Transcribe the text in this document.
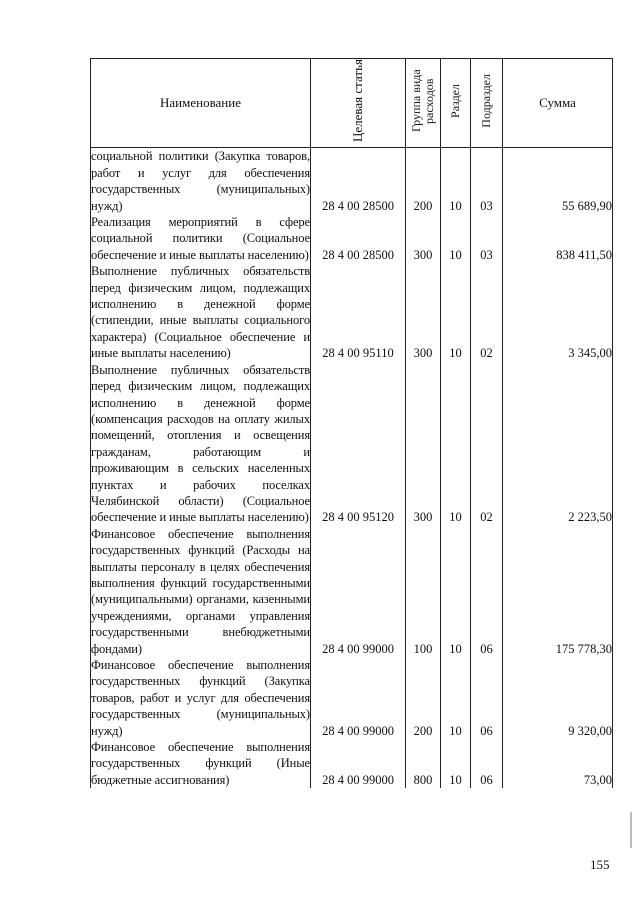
Наименование	Целевая статья	Группа вида расходов	Раздел	Подраздел	Сумма
социальной политики (Закупка товаров, работ и услуг для обеспечения государственных (муниципальных) нужд)	28 4 00 28500	200	10	03	55 689,90
Реализация мероприятий в сфере социальной политики (Социальное обеспечение и иные выплаты населению)	28 4 00 28500	300	10	03	838 411,50
Выполнение публичных обязательств перед физическим лицом, подлежащих исполнению в денежной форме (стипендии, иные выплаты социального характера) (Социальное обеспечение и иные выплаты населению)	28 4 00 95110	300	10	02	3 345,00
Выполнение публичных обязательств перед физическим лицом, подлежащих исполнению в денежной форме (компенсация расходов на оплату жилых помещений, отопления и освещения гражданам, работающим и проживающим в сельских населенных пунктах и рабочих поселках Челябинской области) (Социальное обеспечение и иные выплаты населению)	28 4 00 95120	300	10	02	2 223,50
Финансовое обеспечение выполнения государственных функций (Расходы на выплаты персоналу в целях обеспечения выполнения функций государственными (муниципальными) органами, казенными учреждениями, органами управления государственными внебюджетными фондами)	28 4 00 99000	100	10	06	175 778,30
Финансовое обеспечение выполнения государственных функций (Закупка товаров, работ и услуг для обеспечения государственных (муниципальных) нужд)	28 4 00 99000	200	10	06	9 320,00
Финансовое обеспечение выполнения государственных функций (Иные бюджетные ассигнования)	28 4 00 99000	800	10	06	73,00
155
